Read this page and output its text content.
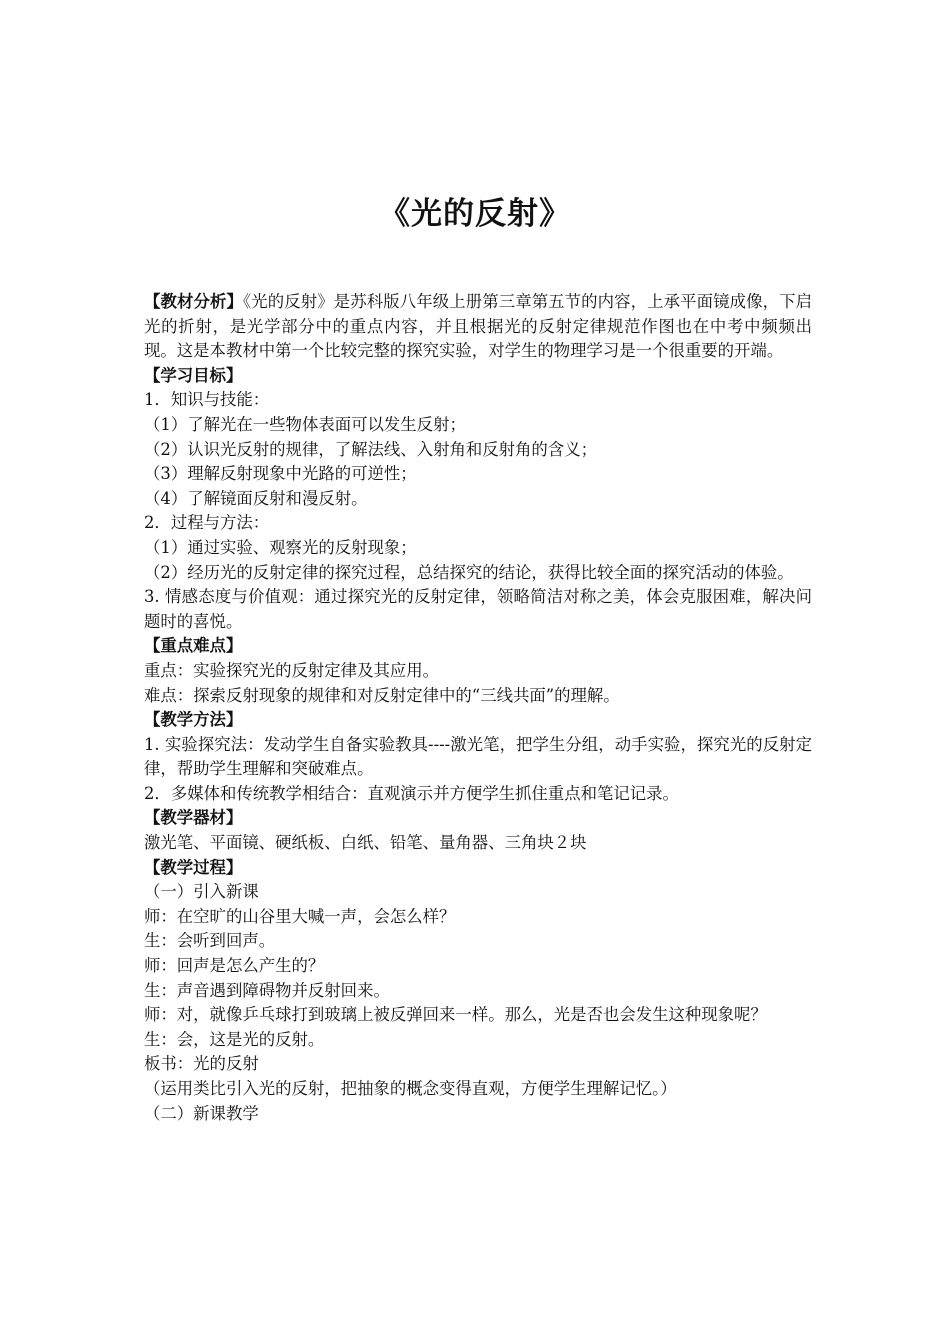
《光的反射》

【教材分析】《光的反射》是苏科版八年级上册第三章第五节的内容，上承平面镜成像，下启光的折射，是光学部分中的重点内容，并且根据光的反射定律规范作图也在中考中频频出现。这是本教材中第一个比较完整的探究实验，对学生的物理学习是一个很重要的开端。

【学习目标】
1．知识与技能：
（1）了解光在一些物体表面可以发生反射；
（2）认识光反射的规律，了解法线、入射角和反射角的含义；
（3）理解反射现象中光路的可逆性；
（4）了解镜面反射和漫反射。
2．过程与方法：
（1）通过实验、观察光的反射现象；
（2）经历光的反射定律的探究过程，总结探究的结论，获得比较全面的探究活动的体验。
3. 情感态度与价值观：通过探究光的反射定律，领略简洁对称之美，体会克服困难，解决问题时的喜悦。
【重点难点】
重点：实验探究光的反射定律及其应用。
难点：探索反射现象的规律和对反射定律中的“三线共面”的理解。
【教学方法】
1. 实验探究法：发动学生自备实验教具----激光笔，把学生分组，动手实验，探究光的反射定律，帮助学生理解和突破难点。
2．多媒体和传统教学相结合：直观演示并方便学生抓住重点和笔记记录。
【教学器材】
激光笔、平面镜、硬纸板、白纸、铅笔、量角器、三角块２块
【教学过程】
（一）引入新课
师：在空旷的山谷里大喊一声，会怎么样？
生：会听到回声。
师：回声是怎么产生的？
生：声音遇到障碍物并反射回来。
师：对，就像乒乓球打到玻璃上被反弹回来一样。那么，光是否也会发生这种现象呢？
生：会，这是光的反射。
板书：光的反射
（运用类比引入光的反射，把抽象的概念变得直观，方便学生理解记忆。）
（二）新课教学
